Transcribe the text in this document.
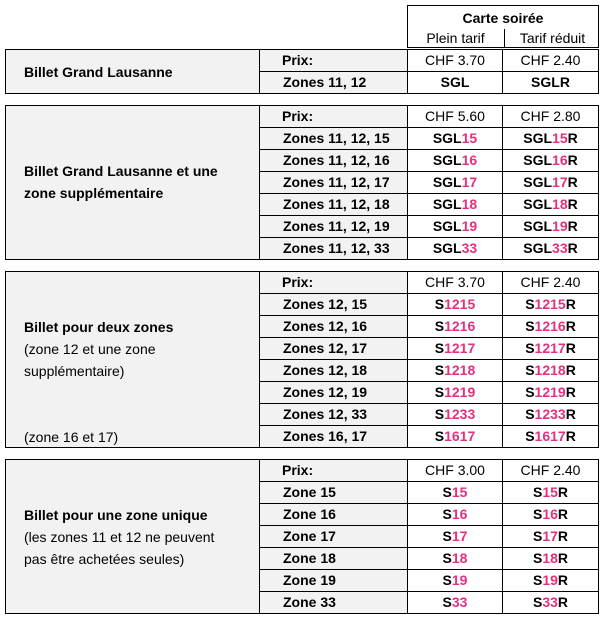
Carte soirée
Plein tarif	Tarif réduit
Billet Grand Lausanne
Prix:	CHF 3.70	CHF 2.40
Zones 11, 12	SGL	SGLR
Billet Grand Lausanne et une
zone supplémentaire
Prix:	CHF 5.60	CHF 2.80
Zones 11, 12, 15	SGL15	SGL15R
Zones 11, 12, 16	SGL16	SGL16R
Zones 11, 12, 17	SGL17	SGL17R
Zones 11, 12, 18	SGL18	SGL18R
Zones 11, 12, 19	SGL19	SGL19R
Zones 11, 12, 33	SGL33	SGL33R
Billet pour deux zones
(zone 12 et une zone
supplémentaire)
(zone 16 et 17)
Prix:	CHF 3.70	CHF 2.40
Zones 12, 15	S1215	S1215R
Zones 12, 16	S1216	S1216R
Zones 12, 17	S1217	S1217R
Zones 12, 18	S1218	S1218R
Zones 12, 19	S1219	S1219R
Zones 12, 33	S1233	S1233R
Zones 16, 17	S1617	S1617R
Billet pour une zone unique
(les zones 11 et 12 ne peuvent
pas être achetées seules)
Prix:	CHF 3.00	CHF 2.40
Zone 15	S15	S15R
Zone 16	S16	S16R
Zone 17	S17	S17R
Zone 18	S18	S18R
Zone 19	S19	S19R
Zone 33	S33	S33R
